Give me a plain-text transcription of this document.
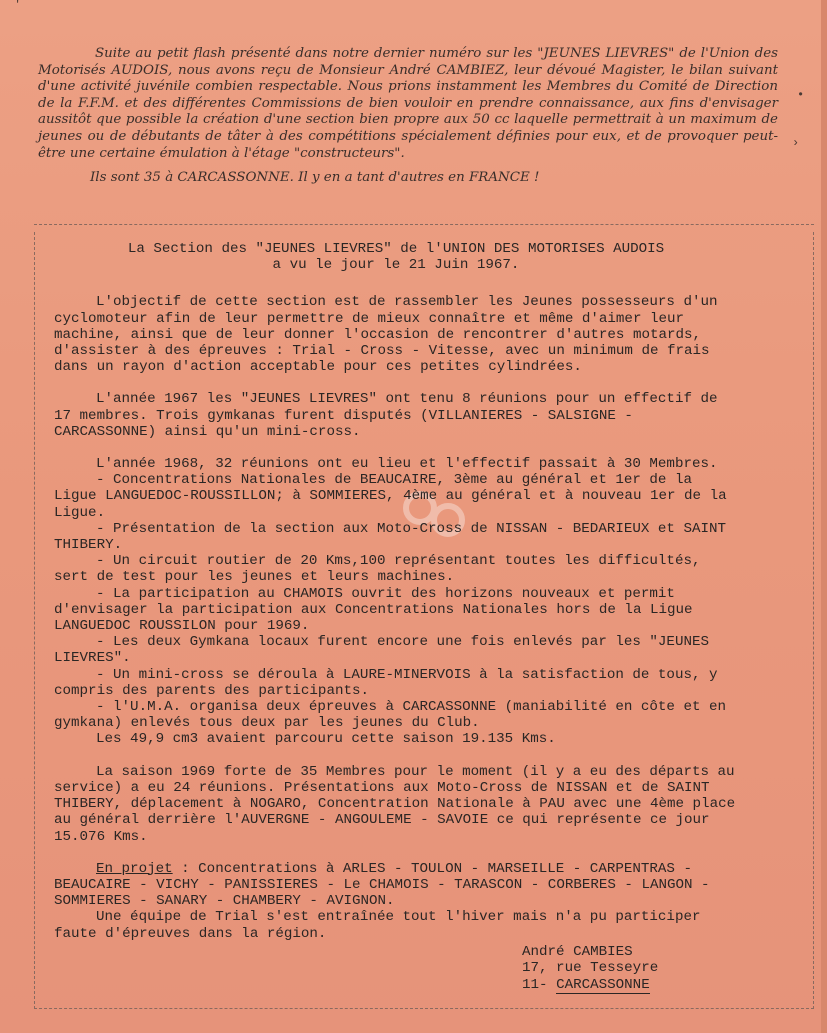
'
•
›

Suite au petit flash présenté dans notre dernier numéro sur les "JEUNES LIEVRES" de l'Union des Motorisés AUDOIS, nous avons reçu de Monsieur André CAMBIEZ, leur dévoué Magister, le bilan suivant d'une activité juvénile combien respectable. Nous prions instamment les Membres du Comité de Direction de la F.F.M. et des différentes Commissions de bien vouloir en prendre connaissance, aux fins d'envisager aussitôt que possible la création d'une section bien propre aux 50 cc laquelle permettrait à un maximum de jeunes ou de débutants de tâter à des compétitions spécialement définies pour eux, et de provoquer peut-être une certaine émulation à l'étage "constructeurs".

Ils sont 35 à CARCASSONNE. Il y en a tant d'autres en FRANCE !

La Section des "JEUNES LIEVRES" de l'UNION DES MOTORISES AUDOIS
a vu le jour le 21 Juin 1967.

L'objectif de cette section est de rassembler les Jeunes possesseurs d'un cyclomoteur afin de leur permettre de mieux connaître et même d'aimer leur machine, ainsi que de leur donner l'occasion de rencontrer d'autres motards, d'assister à des épreuves : Trial - Cross - Vitesse, avec un minimum de frais dans un rayon d'action acceptable pour ces petites cylindrées.

L'année 1967 les "JEUNES LIEVRES" ont tenu 8 réunions pour un effectif de 17 membres. Trois gymkanas furent disputés (VILLANIERES - SALSIGNE - CARCASSONNE) ainsi qu'un mini-cross.

L'année 1968, 32 réunions ont eu lieu et l'effectif passait à 30 Membres.

- Concentrations Nationales de BEAUCAIRE, 3ème au général et 1er de la Ligue LANGUEDOC-ROUSSILLON; à SOMMIERES, 4ème au général et à nouveau 1er de la Ligue.

- Présentation de la section aux Moto-Cross de NISSAN - BEDARIEUX et SAINT THIBERY.

- Un circuit routier de 20 Kms,100 représentant toutes les difficultés, sert de test pour les jeunes et leurs machines.

- La participation au CHAMOIS ouvrit des horizons nouveaux et permit d'envisager la participation aux Concentrations Nationales hors de la Ligue LANGUEDOC ROUSSILON pour 1969.

- Les deux Gymkana locaux furent encore une fois enlevés par les "JEUNES LIEVRES".

- Un mini-cross se déroula à LAURE-MINERVOIS à la satisfaction de tous, y compris des parents des participants.

- l'U.M.A. organisa deux épreuves à CARCASSONNE (maniabilité en côte et en gymkana) enlevés tous deux par les jeunes du Club.

Les 49,9 cm3 avaient parcouru cette saison 19.135 Kms.

La saison 1969 forte de 35 Membres pour le moment (il y a eu des départs au service) a eu 24 réunions. Présentations aux Moto-Cross de NISSAN et de SAINT THIBERY, déplacement à NOGARO, Concentration Nationale à PAU avec une 4ème place au général derrière l'AUVERGNE - ANGOULEME - SAVOIE ce qui représente ce jour 15.076 Kms.

En projet : Concentrations à ARLES - TOULON - MARSEILLE - CARPENTRAS - BEAUCAIRE - VICHY - PANISSIERES - Le CHAMOIS - TARASCON - CORBERES - LANGON - SOMMIERES - SANARY - CHAMBERY - AVIGNON.

Une équipe de Trial s'est entraînée tout l'hiver mais n'a pu participer faute d'épreuves dans la région.

André CAMBIES

17, rue Tesseyre

11- CARCASSONNE
